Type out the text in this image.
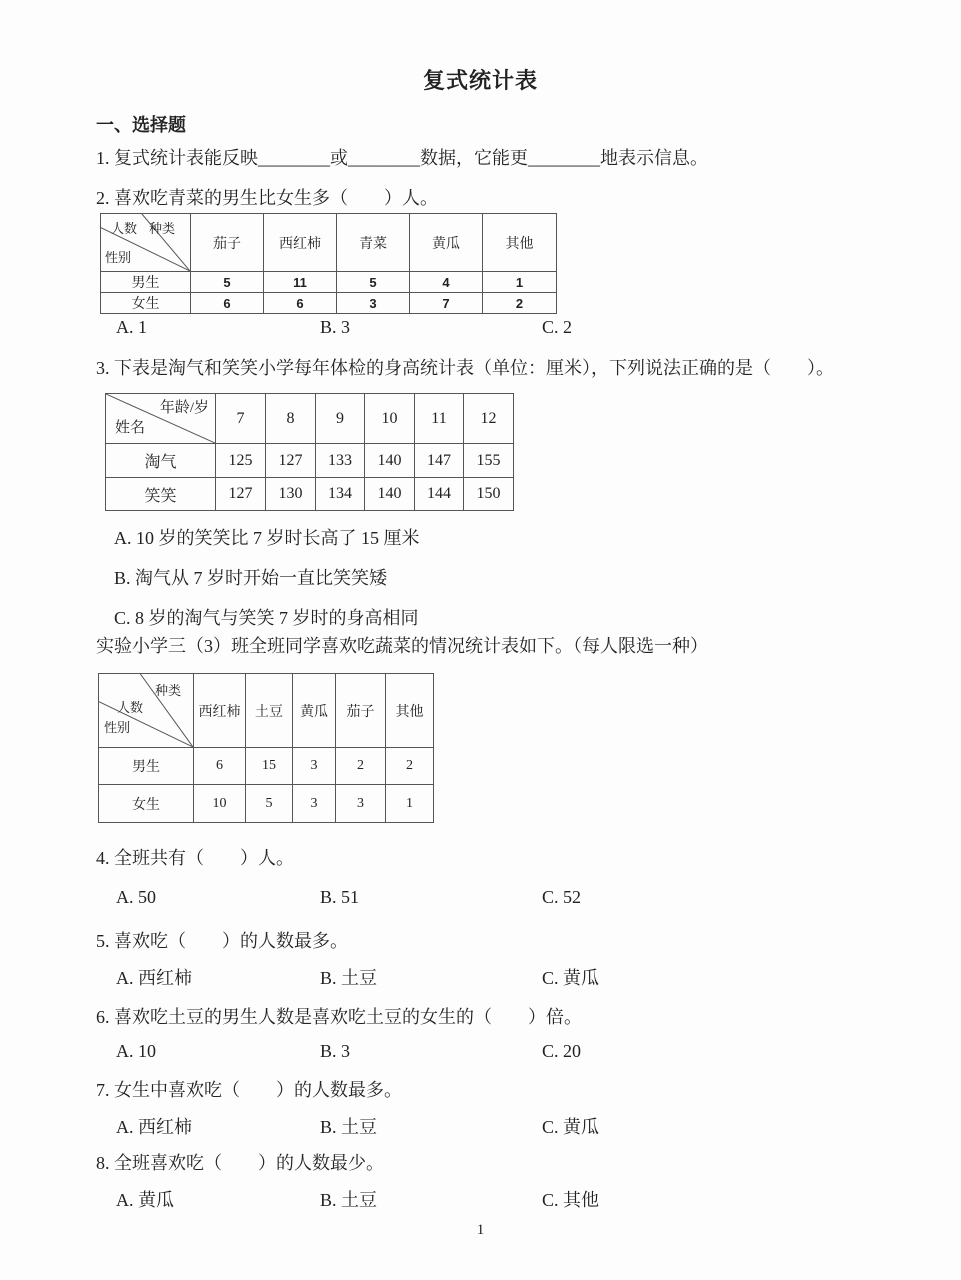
复式统计表
一、选择题
1. 复式统计表能反映________或________数据，它能更________地表示信息。
2. 喜欢吃青菜的男生比女生多（　　）人。
人数 种类
性别	茄子	西红柿	青菜	黄瓜	其他
男生	5	11	5	4	1
女生	6	6	3	7	2
A. 1	B. 3	C. 2
3. 下表是淘气和笑笑小学每年体检的身高统计表（单位：厘米），下列说法正确的是（　　）。
年龄/岁
姓名	7	8	9	10	11	12
淘气	125	127	133	140	147	155
笑笑	127	130	134	140	144	150
A. 10 岁的笑笑比 7 岁时长高了 15 厘米
B. 淘气从 7 岁时开始一直比笑笑矮
C. 8 岁的淘气与笑笑 7 岁时的身高相同
实验小学三（3）班全班同学喜欢吃蔬菜的情况统计表如下。（每人限选一种）
种类
人数
性别	西红柿	土豆	黄瓜	茄子	其他
男生	6	15	3	2	2
女生	10	5	3	3	1
4. 全班共有（　　）人。
A. 50	B. 51	C. 52
5. 喜欢吃（　　）的人数最多。
A. 西红柿	B. 土豆	C. 黄瓜
6. 喜欢吃土豆的男生人数是喜欢吃土豆的女生的（　　）倍。
A. 10	B. 3	C. 20
7. 女生中喜欢吃（　　）的人数最多。
A. 西红柿	B. 土豆	C. 黄瓜
8. 全班喜欢吃（　　）的人数最少。
A. 黄瓜	B. 土豆	C. 其他
1
